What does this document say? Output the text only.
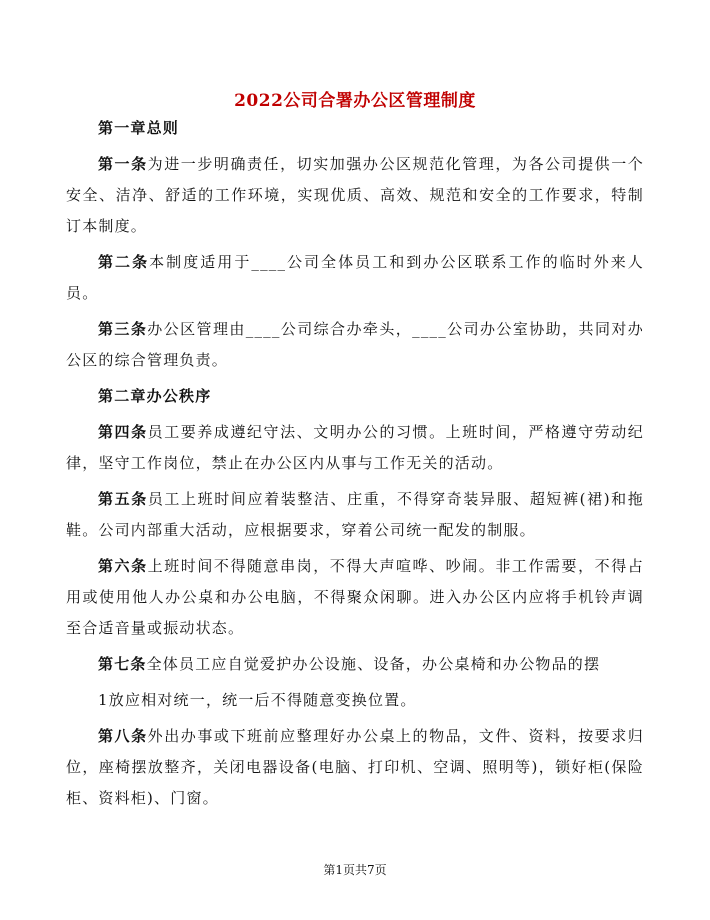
2022公司合署办公区管理制度

第一章总则

第一条为进一步明确责任，切实加强办公区规范化管理，为各公司提供一个安全、洁净、舒适的工作环境，实现优质、高效、规范和安全的工作要求，特制订本制度。

第二条本制度适用于____公司全体员工和到办公区联系工作的临时外来人员。

第三条办公区管理由____公司综合办牵头，____公司办公室协助，共同对办公区的综合管理负责。

第二章办公秩序

第四条员工要养成遵纪守法、文明办公的习惯。上班时间，严格遵守劳动纪律，坚守工作岗位，禁止在办公区内从事与工作无关的活动。

第五条员工上班时间应着装整洁、庄重，不得穿奇装异服、超短裤(裙)和拖鞋。公司内部重大活动，应根据要求，穿着公司统一配发的制服。

第六条上班时间不得随意串岗，不得大声喧哗、吵闹。非工作需要，不得占用或使用他人办公桌和办公电脑，不得聚众闲聊。进入办公区内应将手机铃声调至合适音量或振动状态。

第七条全体员工应自觉爱护办公设施、设备，办公桌椅和办公物品的摆

1放应相对统一，统一后不得随意变换位置。

第八条外出办事或下班前应整理好办公桌上的物品，文件、资料，按要求归位，座椅摆放整齐，关闭电器设备(电脑、打印机、空调、照明等)，锁好柜(保险柜、资料柜)、门窗。

第1页共7页
